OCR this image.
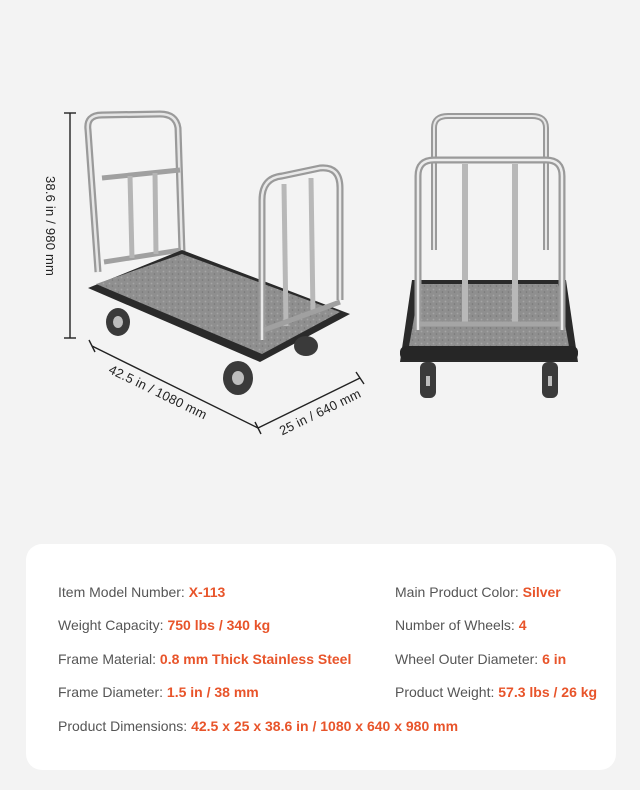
38.6 in / 980 mm
42.5 in / 1080 mm	25 in / 640 mm
Item Model Number: X-113	Main Product Color: Silver
Weight Capacity: 750 lbs / 340 kg	Number of Wheels: 4
Frame Material: 0.8 mm Thick Stainless Steel	Wheel Outer Diameter: 6 in
Frame Diameter: 1.5 in / 38 mm	Product Weight: 57.3 lbs / 26 kg
Product Dimensions: 42.5 x 25 x 38.6 in / 1080 x 640 x 980 mm
